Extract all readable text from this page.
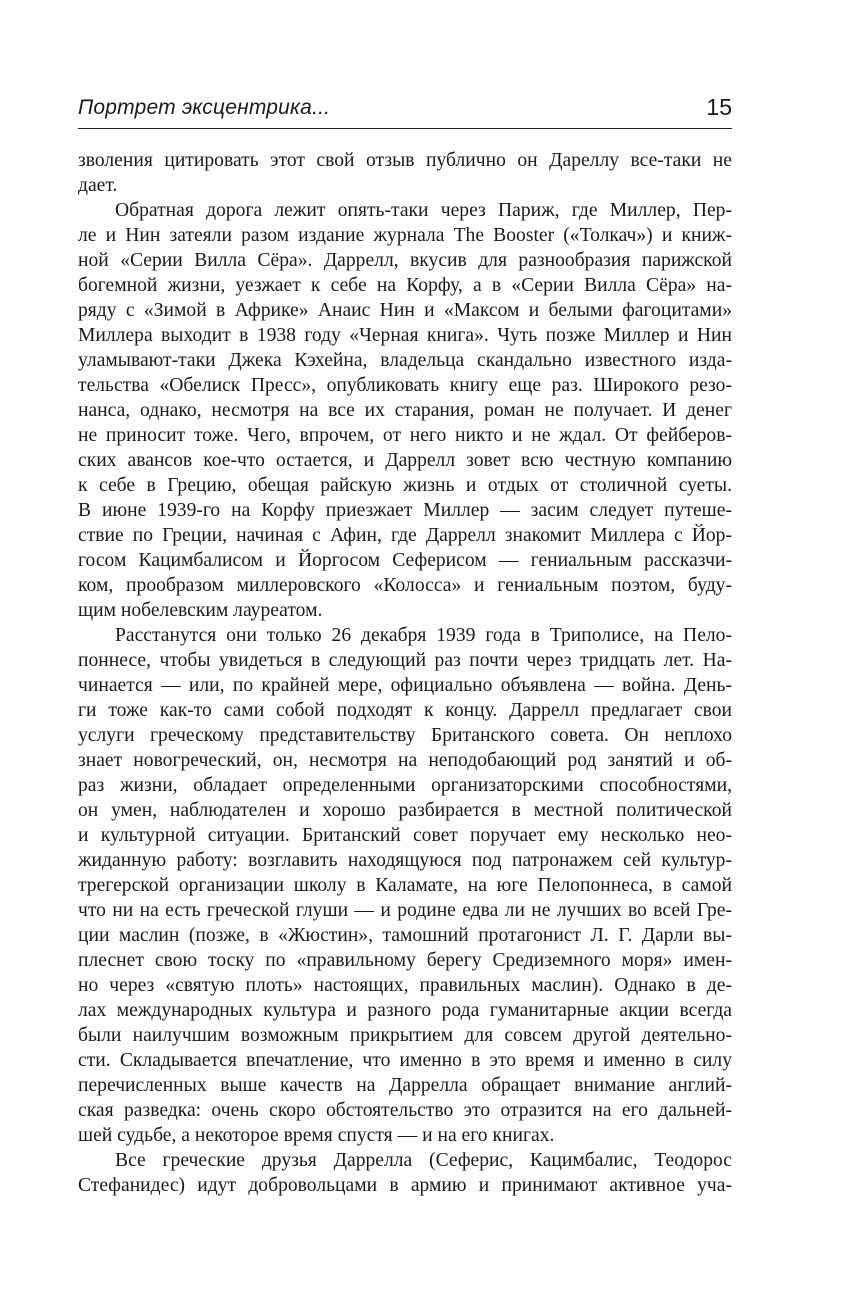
Портрет эксцентрика...	15
зволения цитировать этот свой отзыв публично он Дареллу все-таки не
дает.
Обратная дорога лежит опять-таки через Париж, где Миллер, Пер-
ле и Нин затеяли разом издание журнала The Booster («Толкач») и книж-
ной «Серии Вилла Сёра». Даррелл, вкусив для разнообразия парижской
богемной жизни, уезжает к себе на Корфу, а в «Серии Вилла Сёра» на-
ряду с «Зимой в Африке» Анаис Нин и «Максом и белыми фагоцитами»
Миллера выходит в 1938 году «Черная книга». Чуть позже Миллер и Нин
уламывают-таки Джека Кэхейна, владельца скандально известного изда-
тельства «Обелиск Пресс», опубликовать книгу еще раз. Широкого резо-
нанса, однако, несмотря на все их старания, роман не получает. И денег
не приносит тоже. Чего, впрочем, от него никто и не ждал. От фейберов-
ских авансов кое-что остается, и Даррелл зовет всю честную компанию
к себе в Грецию, обещая райскую жизнь и отдых от столичной суеты.
В июне 1939-го на Корфу приезжает Миллер — засим следует путеше-
ствие по Греции, начиная с Афин, где Даррелл знакомит Миллера с Йор-
госом Кацимбалисом и Йоргосом Сеферисом — гениальным рассказчи-
ком, прообразом миллеровского «Колосса» и гениальным поэтом, буду-
щим нобелевским лауреатом.
Расстанутся они только 26 декабря 1939 года в Триполисе, на Пело-
поннесе, чтобы увидеться в следующий раз почти через тридцать лет. На-
чинается — или, по крайней мере, официально объявлена — война. День-
ги тоже как-то сами собой подходят к концу. Даррелл предлагает свои
услуги греческому представительству Британского совета. Он неплохо
знает новогреческий, он, несмотря на неподобающий род занятий и об-
раз жизни, обладает определенными организаторскими способностями,
он умен, наблюдателен и хорошо разбирается в местной политической
и культурной ситуации. Британский совет поручает ему несколько нео-
жиданную работу: возглавить находящуюся под патронажем сей культур-
трегерской организации школу в Каламате, на юге Пелопоннеса, в самой
что ни на есть греческой глуши — и родине едва ли не лучших во всей Гре-
ции маслин (позже, в «Жюстин», тамошний протагонист Л. Г. Дарли вы-
плеснет свою тоску по «правильному берегу Средиземного моря» имен-
но через «святую плоть» настоящих, правильных маслин). Однако в де-
лах международных культура и разного рода гуманитарные акции всегда
были наилучшим возможным прикрытием для совсем другой деятельно-
сти. Складывается впечатление, что именно в это время и именно в силу
перечисленных выше качеств на Даррелла обращает внимание англий-
ская разведка: очень скоро обстоятельство это отразится на его дальней-
шей судьбе, а некоторое время спустя — и на его книгах.
Все греческие друзья Даррелла (Сеферис, Кацимбалис, Теодорос
Стефанидес) идут добровольцами в армию и принимают активное уча-
